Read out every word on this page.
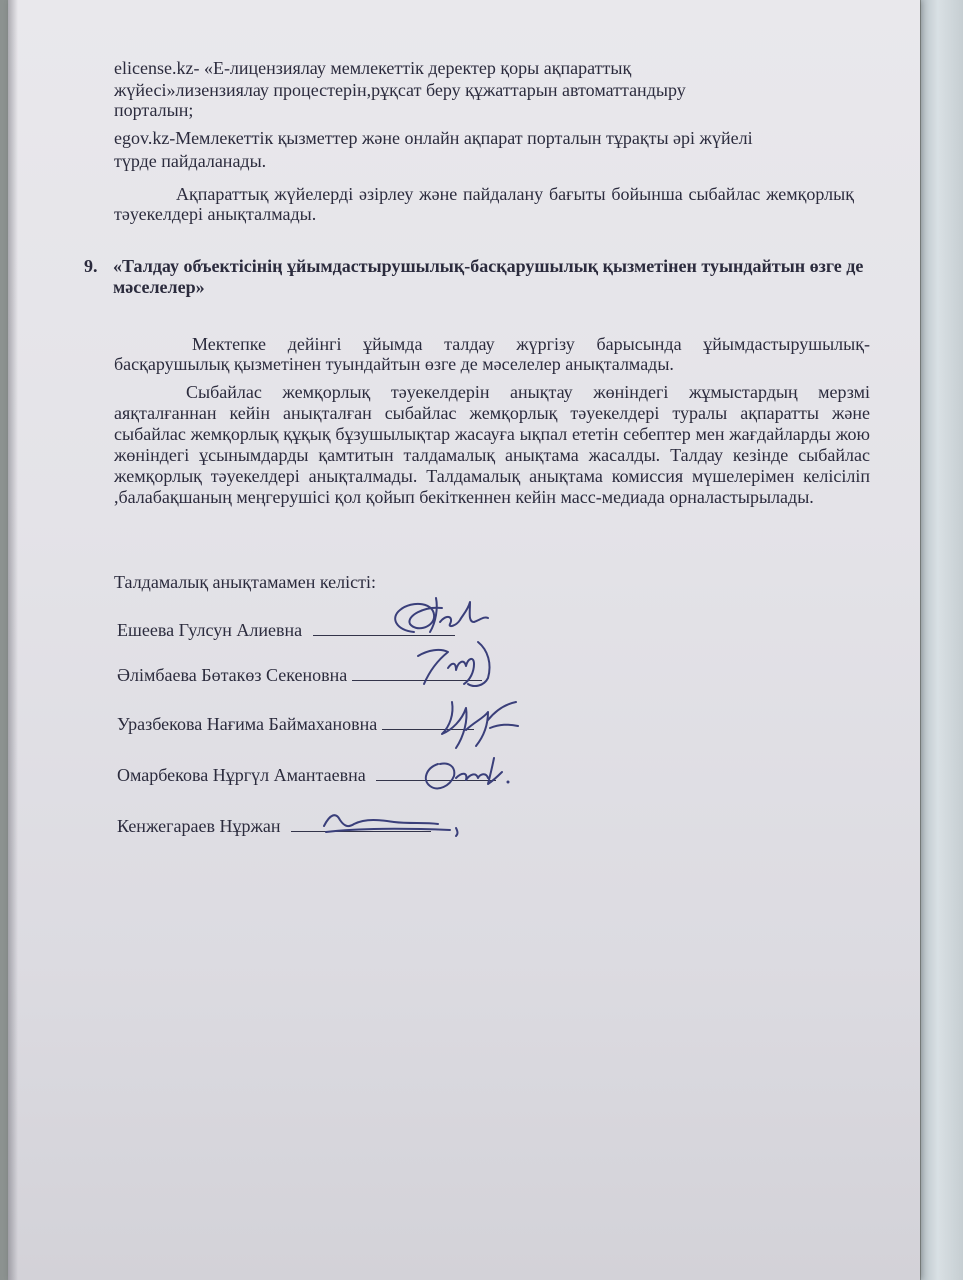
elicense.kz- «Е-лицензиялау мемлекеттік деректер қоры ақпараттық
жүйесі»лизензиялау процестерін,рұқсат беру құжаттарын автоматтандыру
порталын;
egov.kz-Мемлекеттік қызметтер және онлайн ақпарат порталын тұрақты әрі жүйелі
түрде пайдаланады.
Ақпараттық жүйелерді әзірлеу және пайдалану бағыты бойынша сыбайлас жемқорлық тәуекелдері анықталмады.
9. «Талдау объектісінің ұйымдастырушылық-басқарушылық қызметінен туындайтын өзге де мәселелер»
Мектепке дейінгі ұйымда талдау жүргізу барысында ұйымдастырушылық-басқарушылық қызметінен туындайтын өзге де мәселелер анықталмады.
Сыбайлас жемқорлық тәуекелдерін анықтау жөніндегі жұмыстардың мерзмі аяқталғаннан кейін анықталған сыбайлас жемқорлық тәуекелдері туралы ақпаратты және сыбайлас жемқорлық құқық бұзушылықтар жасауға ықпал ететін себептер мен жағдайларды жою жөніндегі ұсынымдарды қамтитын талдамалық анықтама жасалды. Талдау кезінде сыбайлас жемқорлық тәуекелдері анықталмады. Талдамалық анықтама комиссия мүшелерімен келісіліп ,балабақшаның меңгерушісі қол қойып бекіткеннен кейін масс-медиада орналастырылады.
Талдамалық анықтамамен келісті:
Ешеева Гулсун Алиевна
Әлімбаева Бөтакөз Секеновна
Уразбекова Нағима Баймахановна
Омарбекова Нұргүл Амантаевна
Кенжегараев Нұржан
